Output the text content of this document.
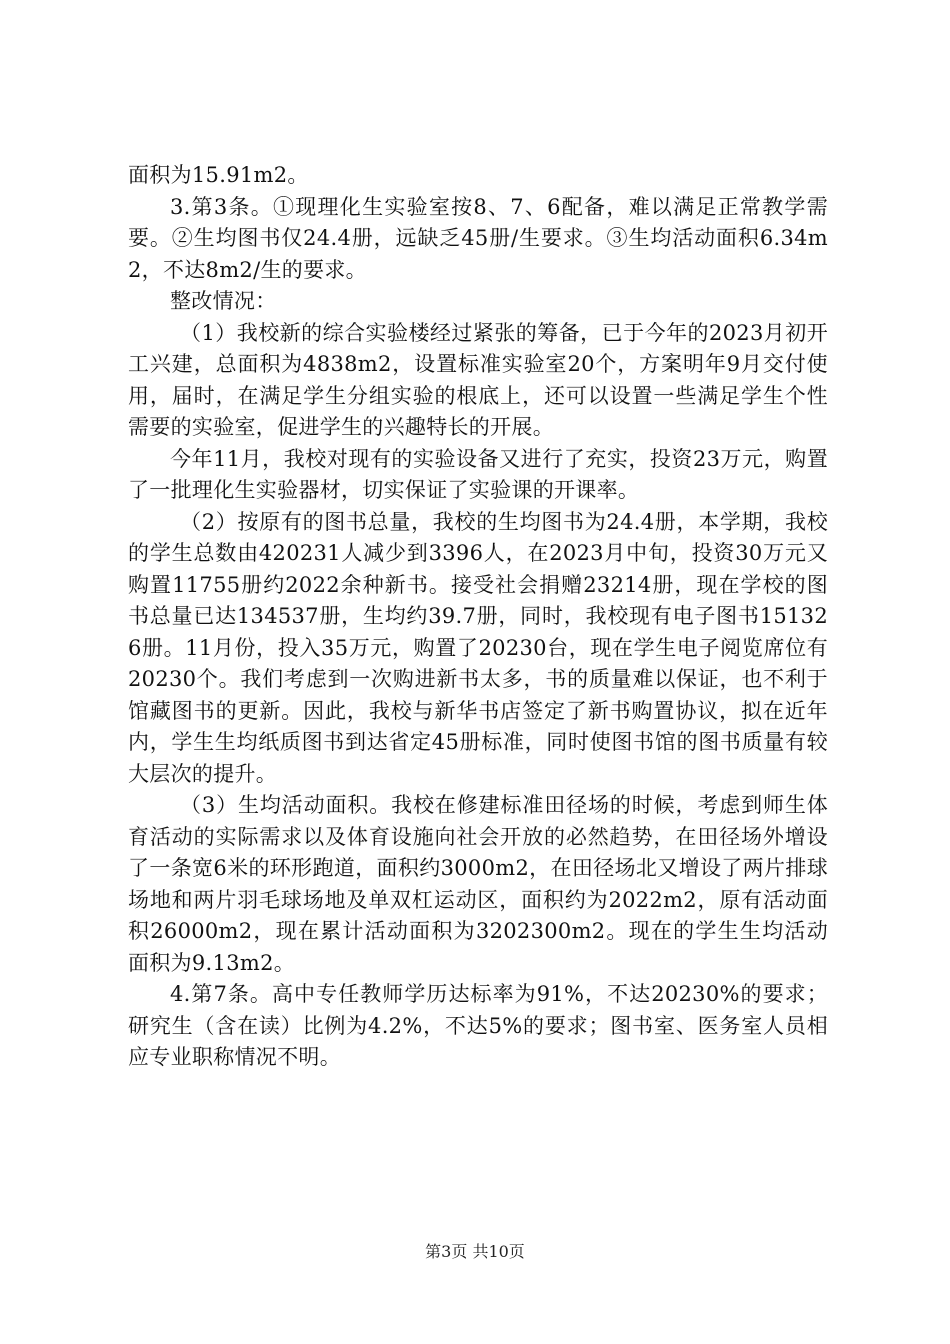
面积为15.91m2。

3.第3条。①现理化生实验室按8、7、6配备，难以满足正常教学需要。②生均图书仅24.4册，远缺乏45册/生要求。③生均活动面积6.34m2，不达8m2/生的要求。

整改情况：

（1）我校新的综合实验楼经过紧张的筹备，已于今年的2023月初开工兴建，总面积为4838m2，设置标准实验室20个，方案明年9月交付使用，届时，在满足学生分组实验的根底上，还可以设置一些满足学生个性需要的实验室，促进学生的兴趣特长的开展。

今年11月，我校对现有的实验设备又进行了充实，投资23万元，购置了一批理化生实验器材，切实保证了实验课的开课率。

（2）按原有的图书总量，我校的生均图书为24.4册，本学期，我校的学生总数由420231人减少到3396人，在2023月中旬，投资30万元又购置11755册约2022余种新书。接受社会捐赠23214册，现在学校的图书总量已达134537册，生均约39.7册，同时，我校现有电子图书151326册。11月份，投入35万元，购置了20230台，现在学生电子阅览席位有20230个。我们考虑到一次购进新书太多，书的质量难以保证，也不利于馆藏图书的更新。因此，我校与新华书店签定了新书购置协议，拟在近年内，学生生均纸质图书到达省定45册标准，同时使图书馆的图书质量有较大层次的提升。

（3）生均活动面积。我校在修建标准田径场的时候，考虑到师生体育活动的实际需求以及体育设施向社会开放的必然趋势，在田径场外增设了一条宽6米的环形跑道，面积约3000m2，在田径场北又增设了两片排球场地和两片羽毛球场地及单双杠运动区，面积约为2022m2，原有活动面积26000m2，现在累计活动面积为3202300m2。现在的学生生均活动面积为9.13m2。

4.第7条。高中专任教师学历达标率为91%，不达20230%的要求；研究生（含在读）比例为4.2%，不达5%的要求；图书室、医务室人员相应专业职称情况不明。

第3页 共10页
